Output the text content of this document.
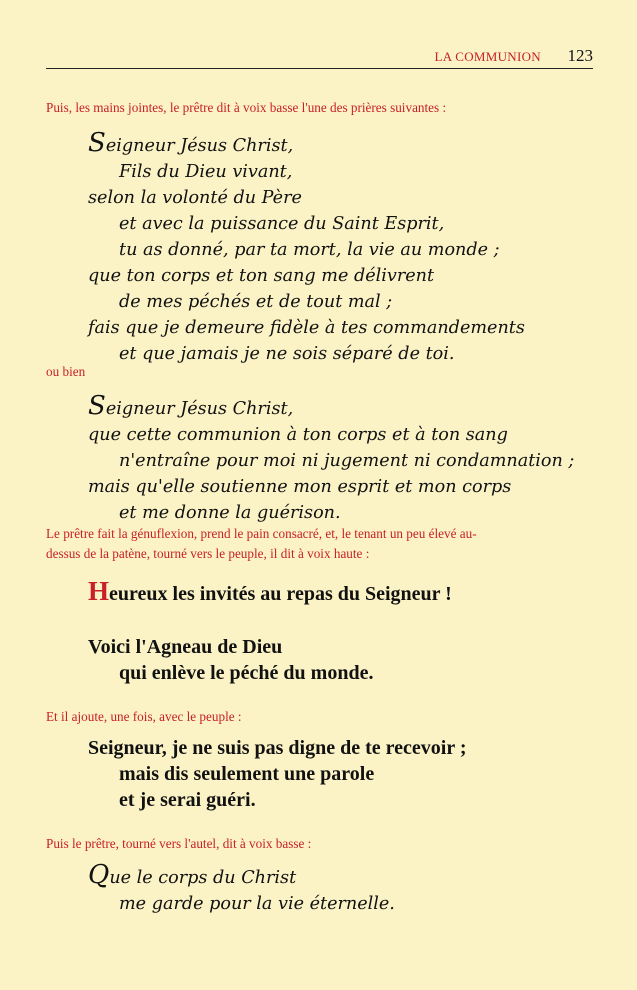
LA COMMUNION 123
Puis, les mains jointes, le prêtre dit à voix basse l'une des prières suivantes :
Seigneur Jésus Christ,
Fils du Dieu vivant,
selon la volonté du Père
et avec la puissance du Saint Esprit,
tu as donné, par ta mort, la vie au monde ;
que ton corps et ton sang me délivrent
de mes péchés et de tout mal ;
fais que je demeure fidèle à tes commandements
et que jamais je ne sois séparé de toi.
ou bien
Seigneur Jésus Christ,
que cette communion à ton corps et à ton sang
n'entraîne pour moi ni jugement ni condamnation ;
mais qu'elle soutienne mon esprit et mon corps
et me donne la guérison.
Le prêtre fait la génuflexion, prend le pain consacré, et, le tenant un peu élevé au-
dessus de la patène, tourné vers le peuple, il dit à voix haute :
Heureux les invités au repas du Seigneur !
Voici l'Agneau de Dieu
qui enlève le péché du monde.
Et il ajoute, une fois, avec le peuple :
Seigneur, je ne suis pas digne de te recevoir ;
mais dis seulement une parole
et je serai guéri.
Puis le prêtre, tourné vers l'autel, dit à voix basse :
Que le corps du Christ
me garde pour la vie éternelle.
